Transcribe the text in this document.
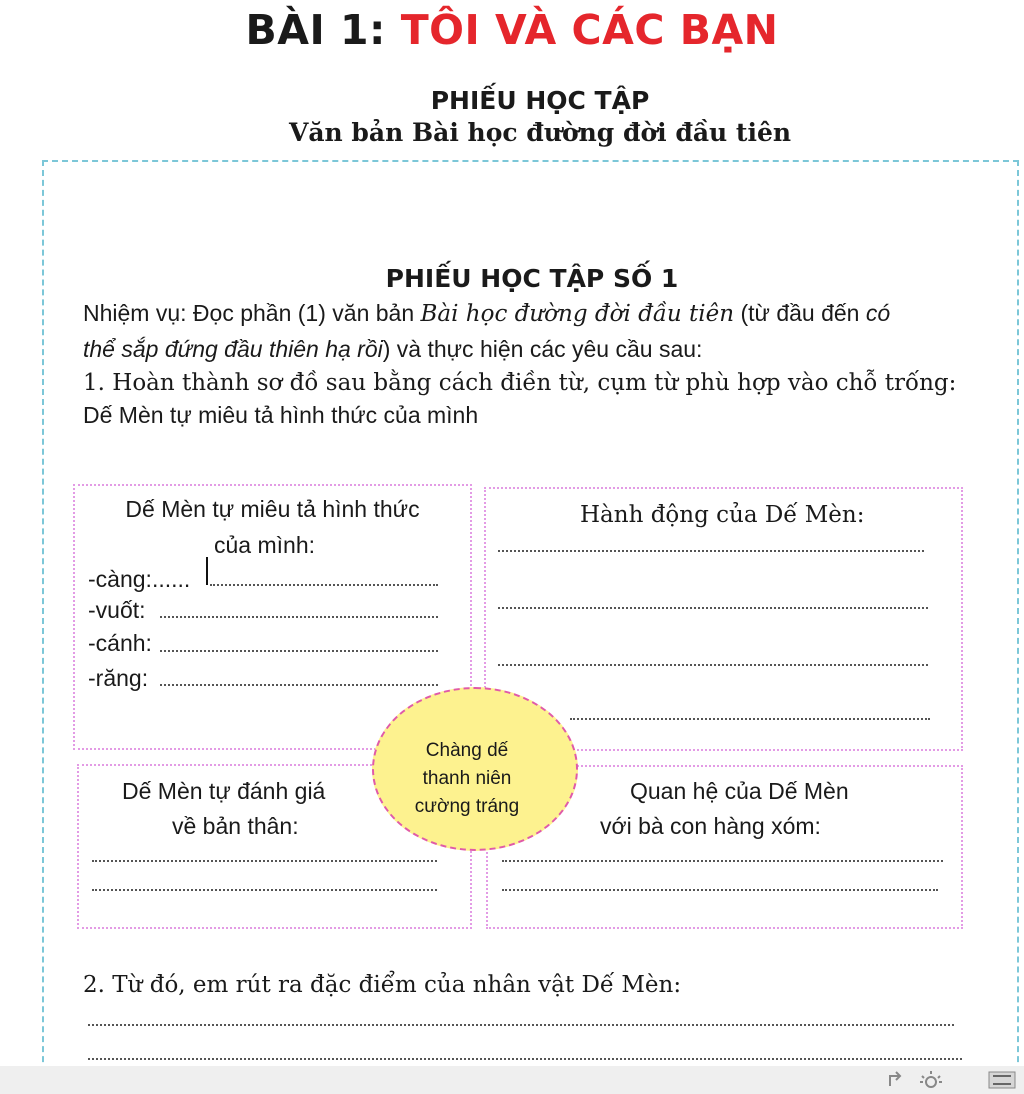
BÀI 1: TÔI VÀ CÁC BẠN
PHIẾU HỌC TẬP
Văn bản Bài học đường đời đầu tiên
PHIẾU HỌC TẬP SỐ 1
Nhiệm vụ: Đọc phần (1) văn bản Bài học đường đời đầu tiên (từ đầu đến có
thể sắp đứng đầu thiên hạ rồi) và thực hiện các yêu cầu sau:
1. Hoàn thành sơ đồ sau bằng cách điền từ, cụm từ phù hợp vào chỗ trống:
Dế Mèn tự miêu tả hình thức của mình
Dế Mèn tự miêu tả hình thức
của mình:
-càng:......
-vuốt:
-cánh:
-răng:
Hành động của Dế Mèn:
Dế Mèn tự đánh giá
về bản thân:
Quan hệ của Dế Mèn
với bà con hàng xóm:
Chàng dế
thanh niên
cường tráng
2. Từ đó, em rút ra đặc điểm của nhân vật Dế Mèn:
